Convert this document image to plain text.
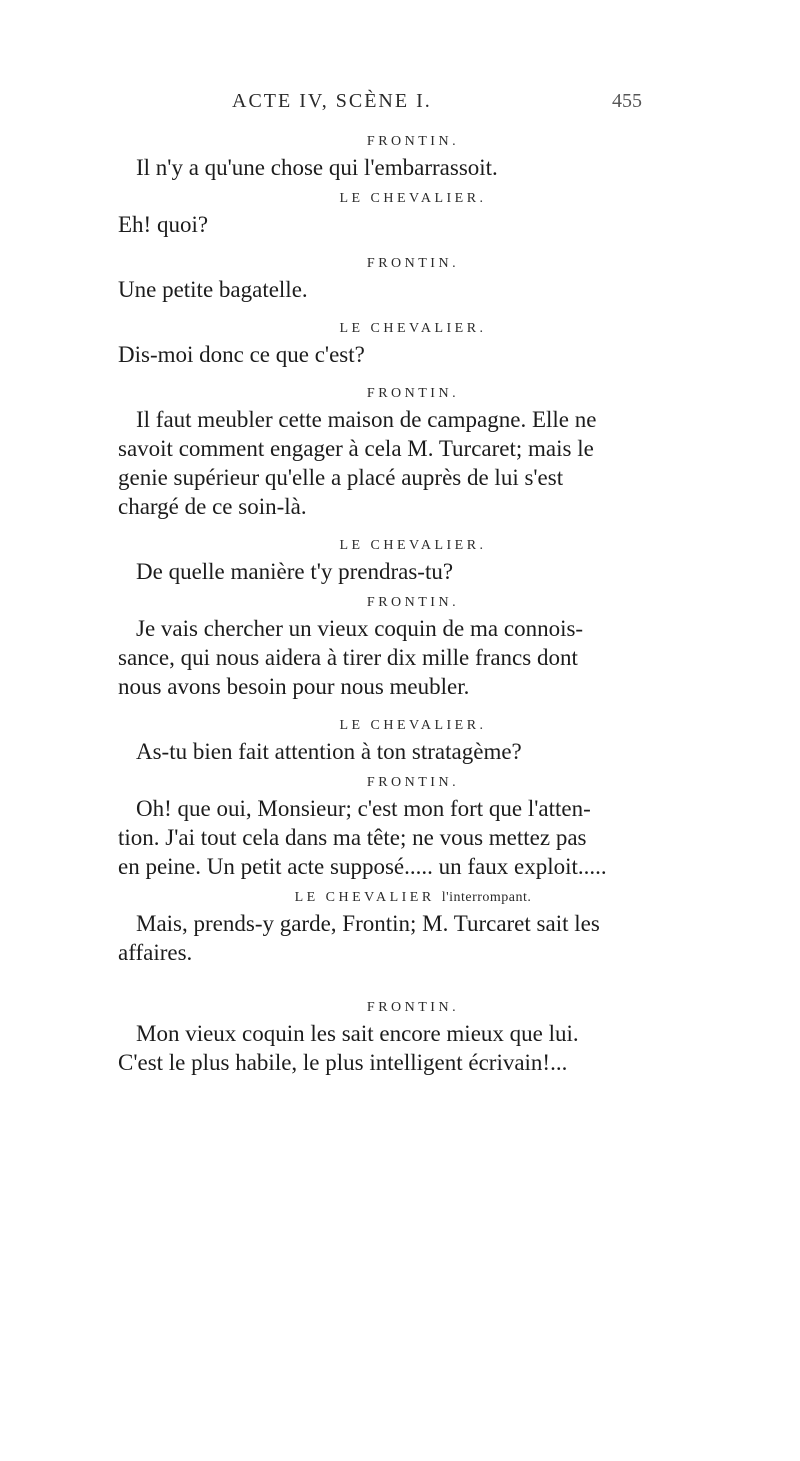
ACTE IV, SCÈNE I.	455
FRONTIN.
Il n'y a qu'une chose qui l'embarrassoit.
LE CHEVALIER.
Eh! quoi?
FRONTIN.
Une petite bagatelle.
LE CHEVALIER.
Dis-moi donc ce que c'est?
FRONTIN.
Il faut meubler cette maison de campagne. Elle ne
savoit comment engager à cela M. Turcaret; mais le
genie supérieur qu'elle a placé auprès de lui s'est
chargé de ce soin-là.
LE CHEVALIER.
De quelle manière t'y prendras-tu?
FRONTIN.
Je vais chercher un vieux coquin de ma connois-
sance, qui nous aidera à tirer dix mille francs dont
nous avons besoin pour nous meubler.
LE CHEVALIER.
As-tu bien fait attention à ton stratagème?
FRONTIN.
Oh! que oui, Monsieur; c'est mon fort que l'atten-
tion. J'ai tout cela dans ma tête; ne vous mettez pas
en peine. Un petit acte supposé..... un faux exploit.....
LE CHEVALIER l'interrompant.
Mais, prends-y garde, Frontin; M. Turcaret sait les
affaires.
FRONTIN.
Mon vieux coquin les sait encore mieux que lui.
C'est le plus habile, le plus intelligent écrivain!...
